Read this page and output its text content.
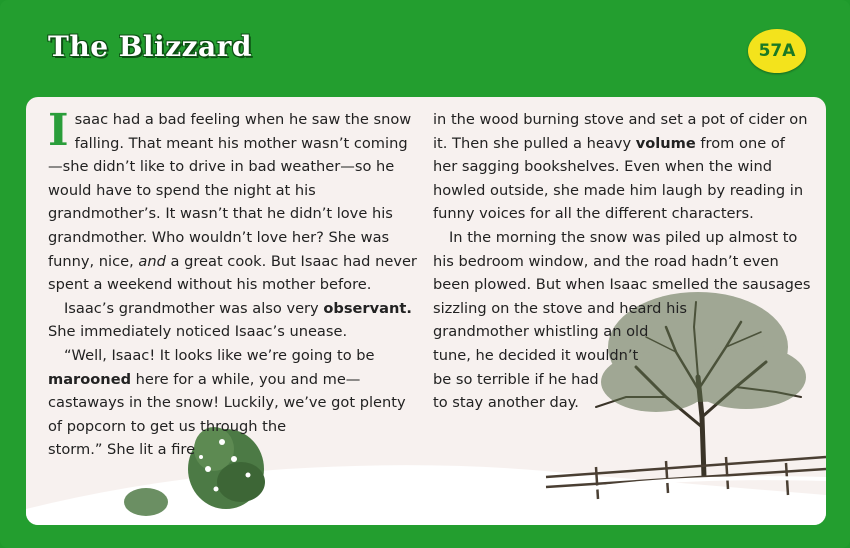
The Blizzard	57A

Isaac had a bad feeling when he saw the snow falling. That meant his mother wasn’t coming—she didn’t like to drive in bad weather—so he would have to spend the night at his grandmother’s. It wasn’t that he didn’t love his grandmother. Who wouldn’t love her? She was funny, nice, and a great cook. But Isaac had never spent a weekend without his mother before.

Isaac’s grandmother was also very observant. She immediately noticed Isaac’s unease.

“Well, Isaac! It looks like we’re going to be marooned here for a while, you and me—castaways in the snow! Luckily, we’ve got plenty of popcorn to get us through the
storm.” She lit a fire

in the wood burning stove and set a pot of cider on it. Then she pulled a heavy volume from one of her sagging bookshelves. Even when the wind howled outside, she made him laugh by reading in funny voices for all the different characters.

In the morning the snow was piled up almost to his bedroom window, and the road hadn’t even been plowed. But when Isaac smelled the sausages sizzling on the stove and heard his
grandmother whistling an old
tune, he decided it wouldn’t
be so terrible if he had
to stay another day.
